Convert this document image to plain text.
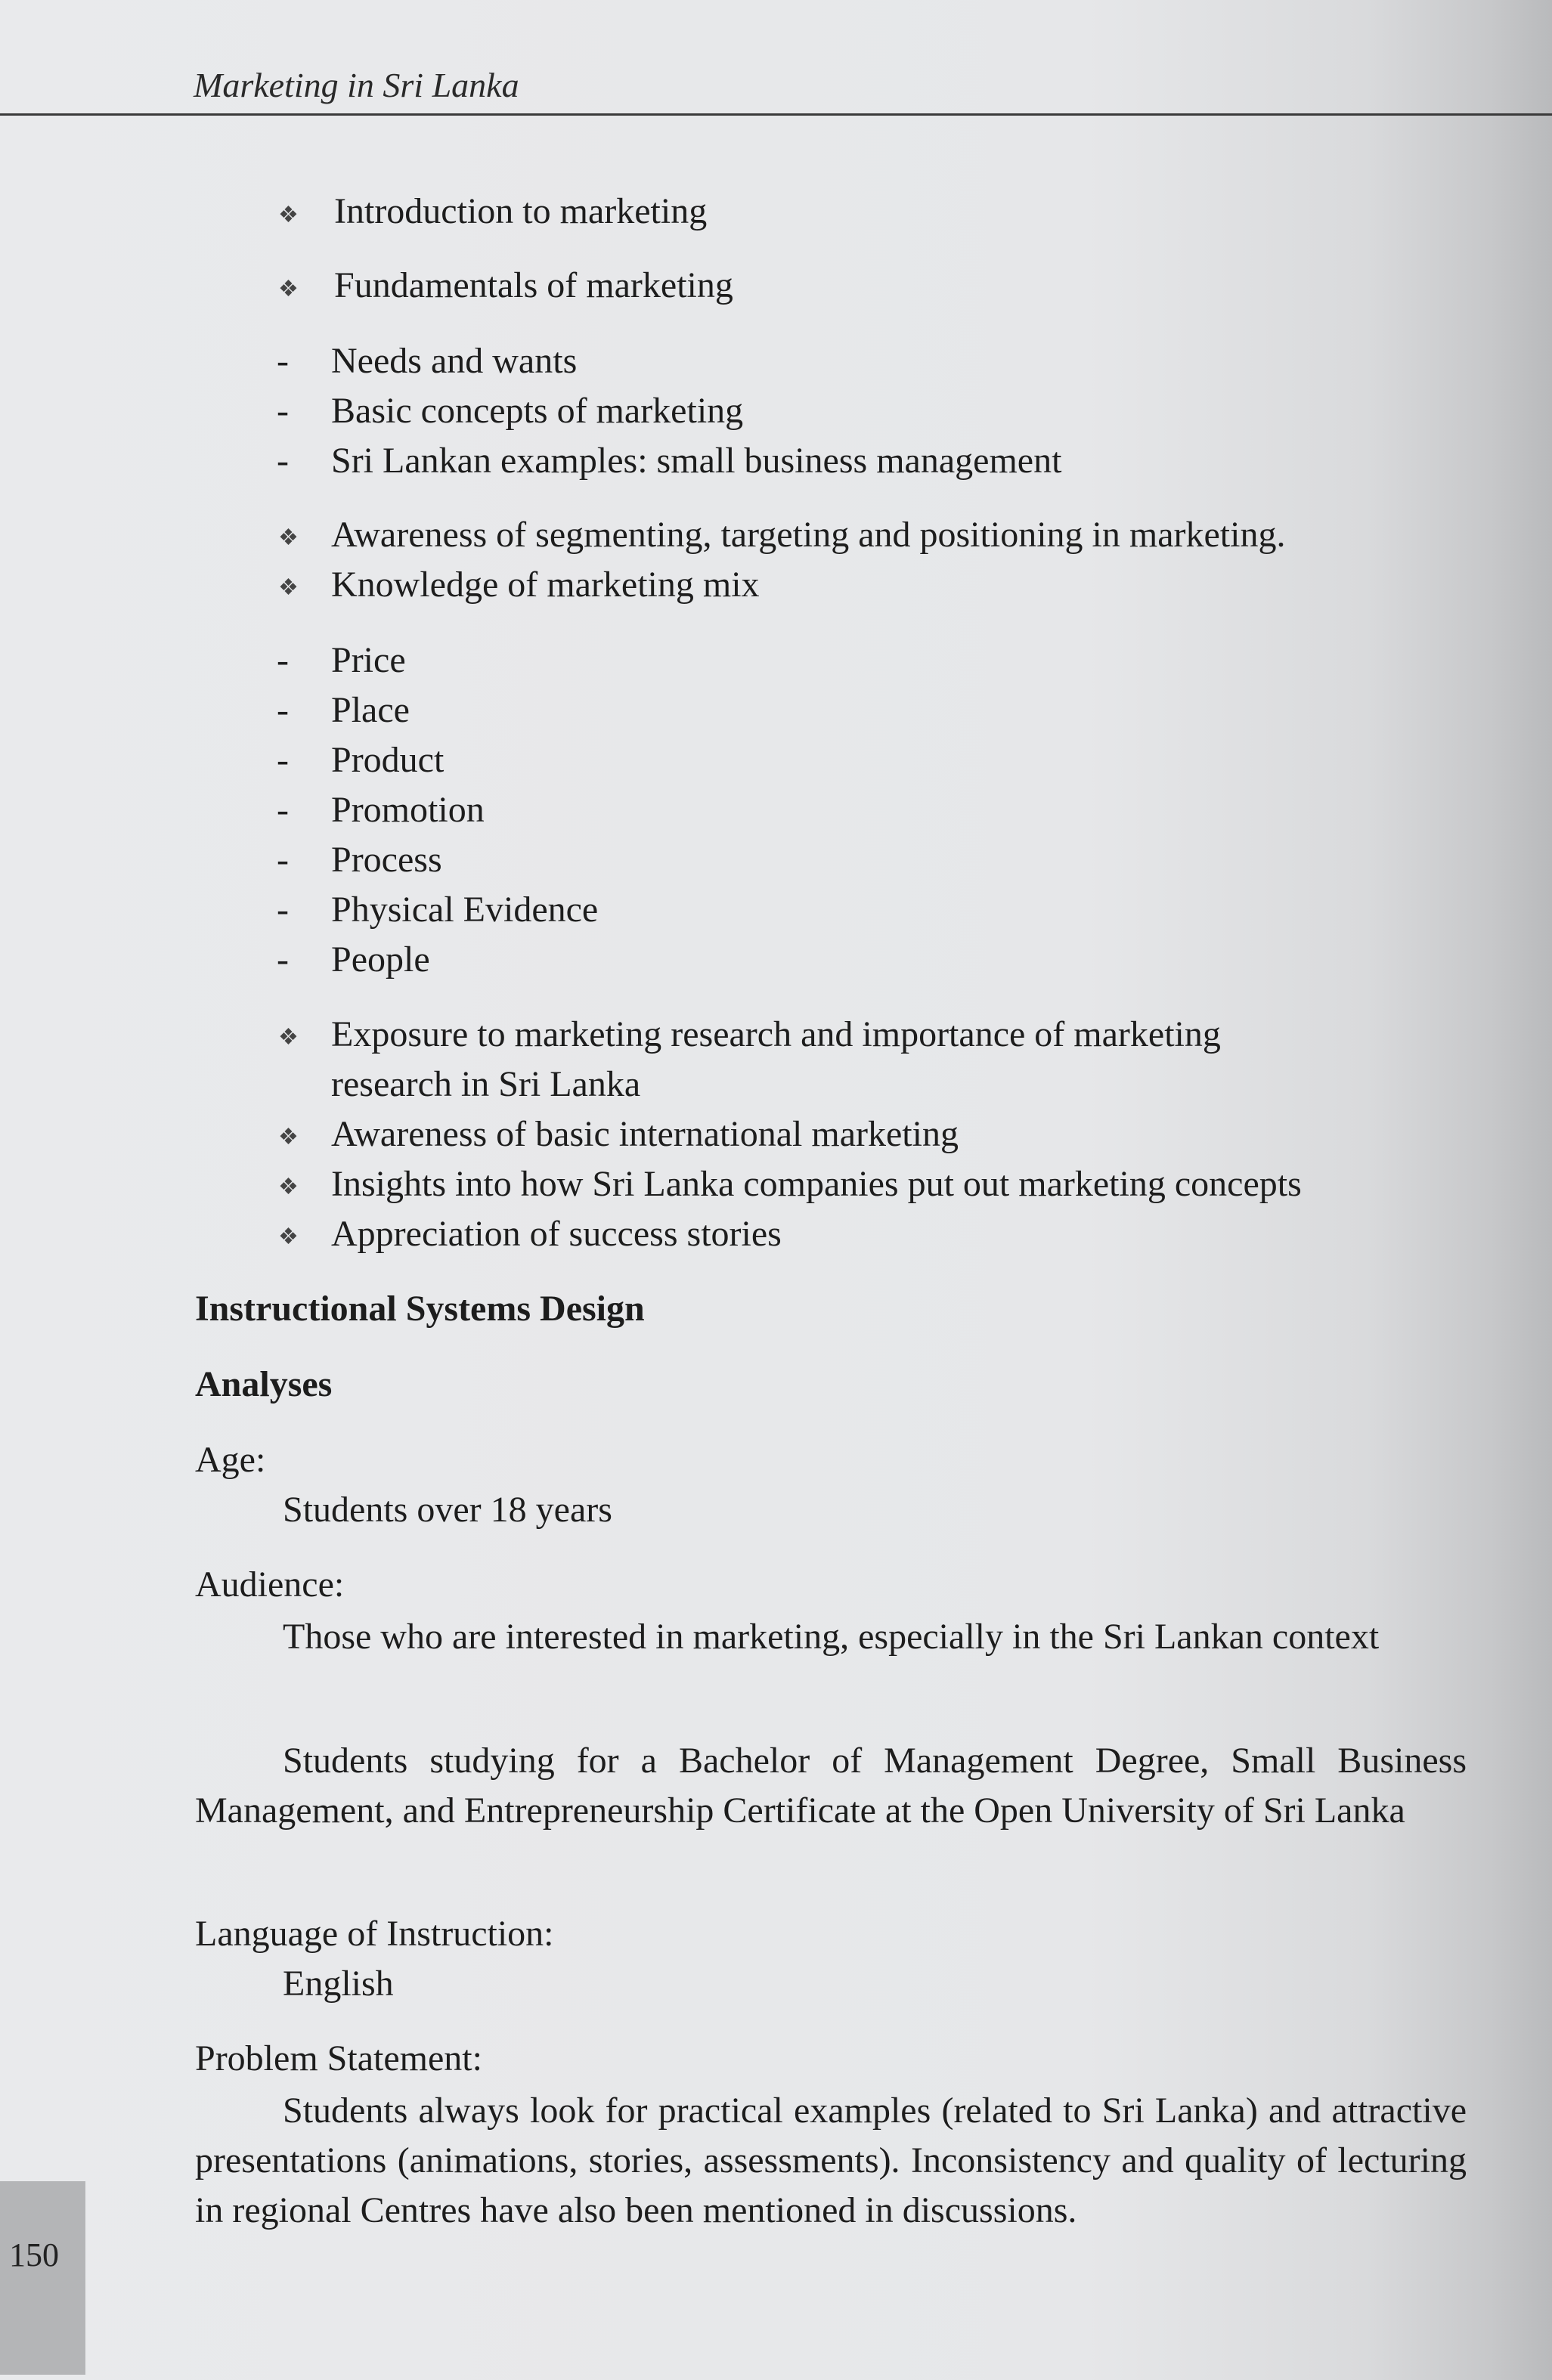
Marketing in Sri Lanka
❖ Introduction to marketing
❖ Fundamentals of marketing
- Needs and wants
- Basic concepts of marketing
- Sri Lankan examples: small business management
❖ Awareness of segmenting, targeting and positioning in marketing.
❖ Knowledge of marketing mix
- Price
- Place
- Product
- Promotion
- Process
- Physical Evidence
- People
❖ Exposure to marketing research and importance of marketing
research in Sri Lanka
❖ Awareness of basic international marketing
❖ Insights into how Sri Lanka companies put out marketing concepts
❖ Appreciation of success stories
Instructional Systems Design
Analyses
Age:
Students over 18 years
Audience:
Those who are interested in marketing, especially in the Sri Lankan context
Students studying for a Bachelor of Management Degree, Small Business Management, and Entrepreneurship Certificate at the Open University of Sri Lanka
Language of Instruction:
English
Problem Statement:
Students always look for practical examples (related to Sri Lanka) and attractive presentations (animations, stories, assessments). Inconsistency and quality of lecturing in regional Centres have also been mentioned in discussions.
150
